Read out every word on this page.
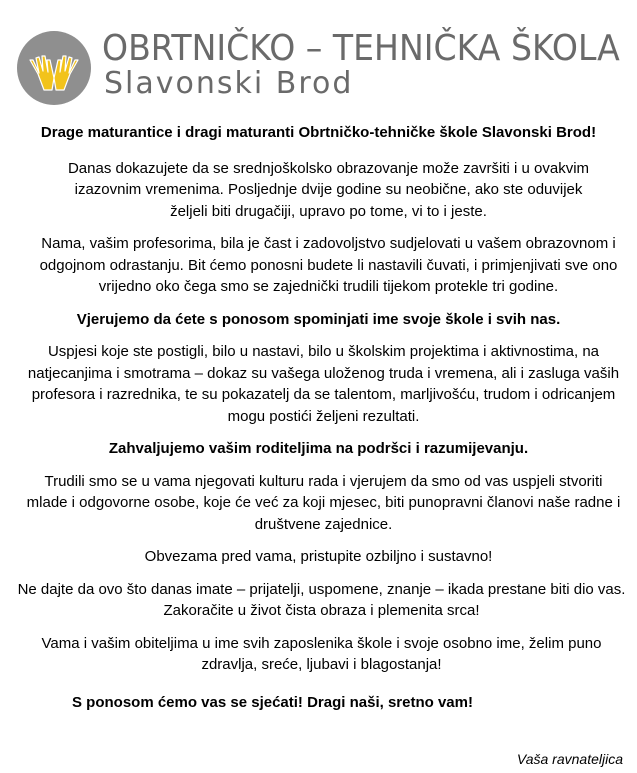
OBRTNIČKO – TEHNIČKA ŠKOLA
Slavonski Brod

Drage maturantice i dragi maturanti Obrtničko-tehničke škole Slavonski Brod!

Danas dokazujete da se srednjoškolsko obrazovanje može završiti i u ovakvim izazovnim vremenima. Posljednje dvije godine su neobične, ako ste oduvijek željeli biti drugačiji, upravo po tome, vi to i jeste.

Nama, vašim profesorima, bila je čast i zadovoljstvo sudjelovati u vašem obrazovnom i odgojnom odrastanju. Bit ćemo ponosni budete li nastavili čuvati, i primjenjivati sve ono vrijedno oko čega smo se zajednički trudili tijekom protekle tri godine.

Vjerujemo da ćete s ponosom spominjati ime svoje škole i svih nas.

Uspjesi koje ste postigli, bilo u nastavi, bilo u školskim projektima i aktivnostima, na natjecanjima i smotrama – dokaz su vašega uloženog truda i vremena, ali i zasluga vaših profesora i razrednika, te su pokazatelj da se talentom, marljivošću, trudom i odricanjem mogu postići željeni rezultati.

Zahvaljujemo vašim roditeljima na podršci i razumijevanju.

Trudili smo se u vama njegovati kulturu rada i vjerujem da smo od vas uspjeli stvoriti mlade i odgovorne osobe, koje će već za koji mjesec, biti punopravni članovi naše radne i društvene zajednice.

Obvezama pred vama, pristupite ozbiljno i sustavno!

Ne dajte da ovo što danas imate – prijatelji, uspomene, znanje – ikada prestane biti dio vas. Zakoračite u život čista obraza i plemenita srca!

Vama i vašim obiteljima u ime svih zaposlenika škole i svoje osobno ime, želim puno zdravlja, sreće, ljubavi i blagostanja!

S ponosom ćemo vas se sjećati! Dragi naši, sretno vam!

Vaša ravnateljica
